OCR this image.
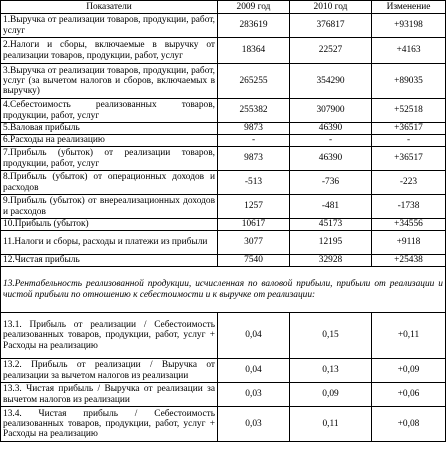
Показатели	2009 год	2010 год	Изменение
1.Выручка от реализации товаров, продукции, работ, услуг	283619	376817	+93198
2.Налоги и сборы, включаемые в выручку от реализации товаров, продукции, работ, услуг	18364	22527	+4163
3.Выручка от реализации товаров, продукции, работ, услуг (за вычетом налогов и сборов, включаемых в выручку)	265255	354290	+89035
4.Себестоимость реализованных товаров, продукции, работ, услуг	255382	307900	+52518
5.Валовая прибыль	9873	46390	+36517
6.Расходы на реализацию	-	-	-
7.Прибыль (убыток) от реализации товаров, продукции, работ, услуг	9873	46390	+36517
8.Прибыль (убыток) от операционных доходов и расходов	-513	-736	-223
9.Прибыль (убыток) от внереализационных доходов и расходов	1257	-481	-1738
10.Прибыль (убыток)	10617	45173	+34556
11.Налоги и сборы, расходы и платежи из прибыли	3077	12195	+9118
12.Чистая прибыль	7540	32928	+25438
13.Рентабельность реализованной продукции, исчисленная по валовой прибыли, прибыли от реализации и чистой прибыли по отношению к себестоимости и к выручке от реализации:			
13.1. Прибыль от реализации / Себестоимость реализованных товаров, продукции, работ, услуг + Расходы на реализацию	0,04	0,15	+0,11
13.2. Прибыль от реализации / Выручка от реализации за вычетом налогов из реализации	0,04	0,13	+0,09
13.3. Чистая прибыль / Выручка от реализации за вычетом налогов из реализации	0,03	0,09	+0,06
13.4. Чистая прибыль / Себестоимость реализованных товаров, продукции, работ, услуг + Расходы на реализацию	0,03	0,11	+0,08
